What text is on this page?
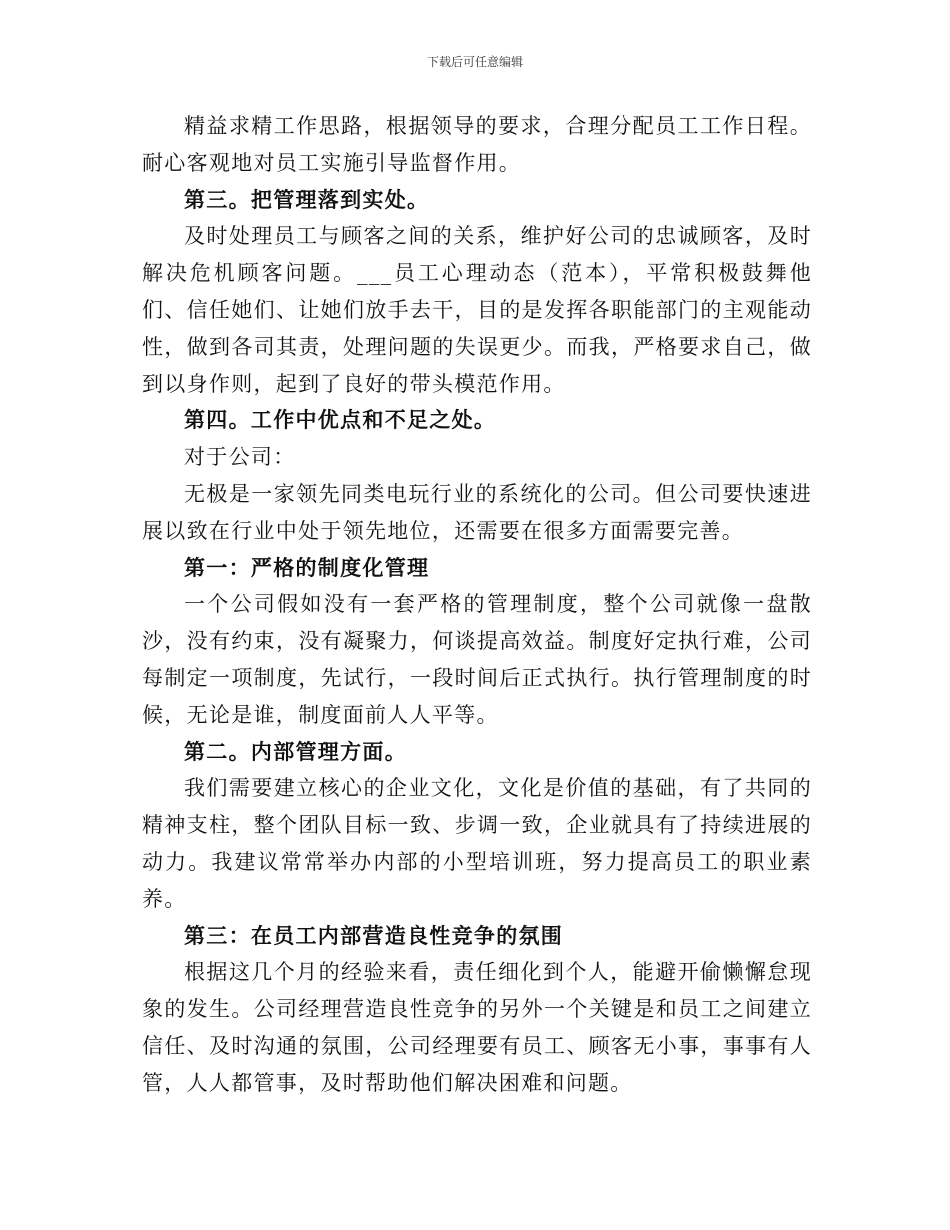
下载后可任意编辑

精益求精工作思路，根据领导的要求，合理分配员工工作日程。耐心客观地对员工实施引导监督作用。

第三。把管理落到实处。

及时处理员工与顾客之间的关系，维护好公司的忠诚顾客，及时解决危机顾客问题。___员工心理动态（范本），平常积极鼓舞他们、信任她们、让她们放手去干，目的是发挥各职能部门的主观能动性，做到各司其责，处理问题的失误更少。而我，严格要求自己，做到以身作则，起到了良好的带头模范作用。

第四。工作中优点和不足之处。

对于公司：

无极是一家领先同类电玩行业的系统化的公司。但公司要快速进展以致在行业中处于领先地位，还需要在很多方面需要完善。

第一：严格的制度化管理

一个公司假如没有一套严格的管理制度，整个公司就像一盘散沙，没有约束，没有凝聚力，何谈提高效益。制度好定执行难，公司每制定一项制度，先试行，一段时间后正式执行。执行管理制度的时候，无论是谁，制度面前人人平等。

第二。内部管理方面。

我们需要建立核心的企业文化，文化是价值的基础，有了共同的精神支柱，整个团队目标一致、步调一致，企业就具有了持续进展的动力。我建议常常举办内部的小型培训班，努力提高员工的职业素养。

第三：在员工内部营造良性竞争的氛围

根据这几个月的经验来看，责任细化到个人，能避开偷懒懈怠现象的发生。公司经理营造良性竞争的另外一个关键是和员工之间建立信任、及时沟通的氛围，公司经理要有员工、顾客无小事，事事有人管，人人都管事，及时帮助他们解决困难和问题。
